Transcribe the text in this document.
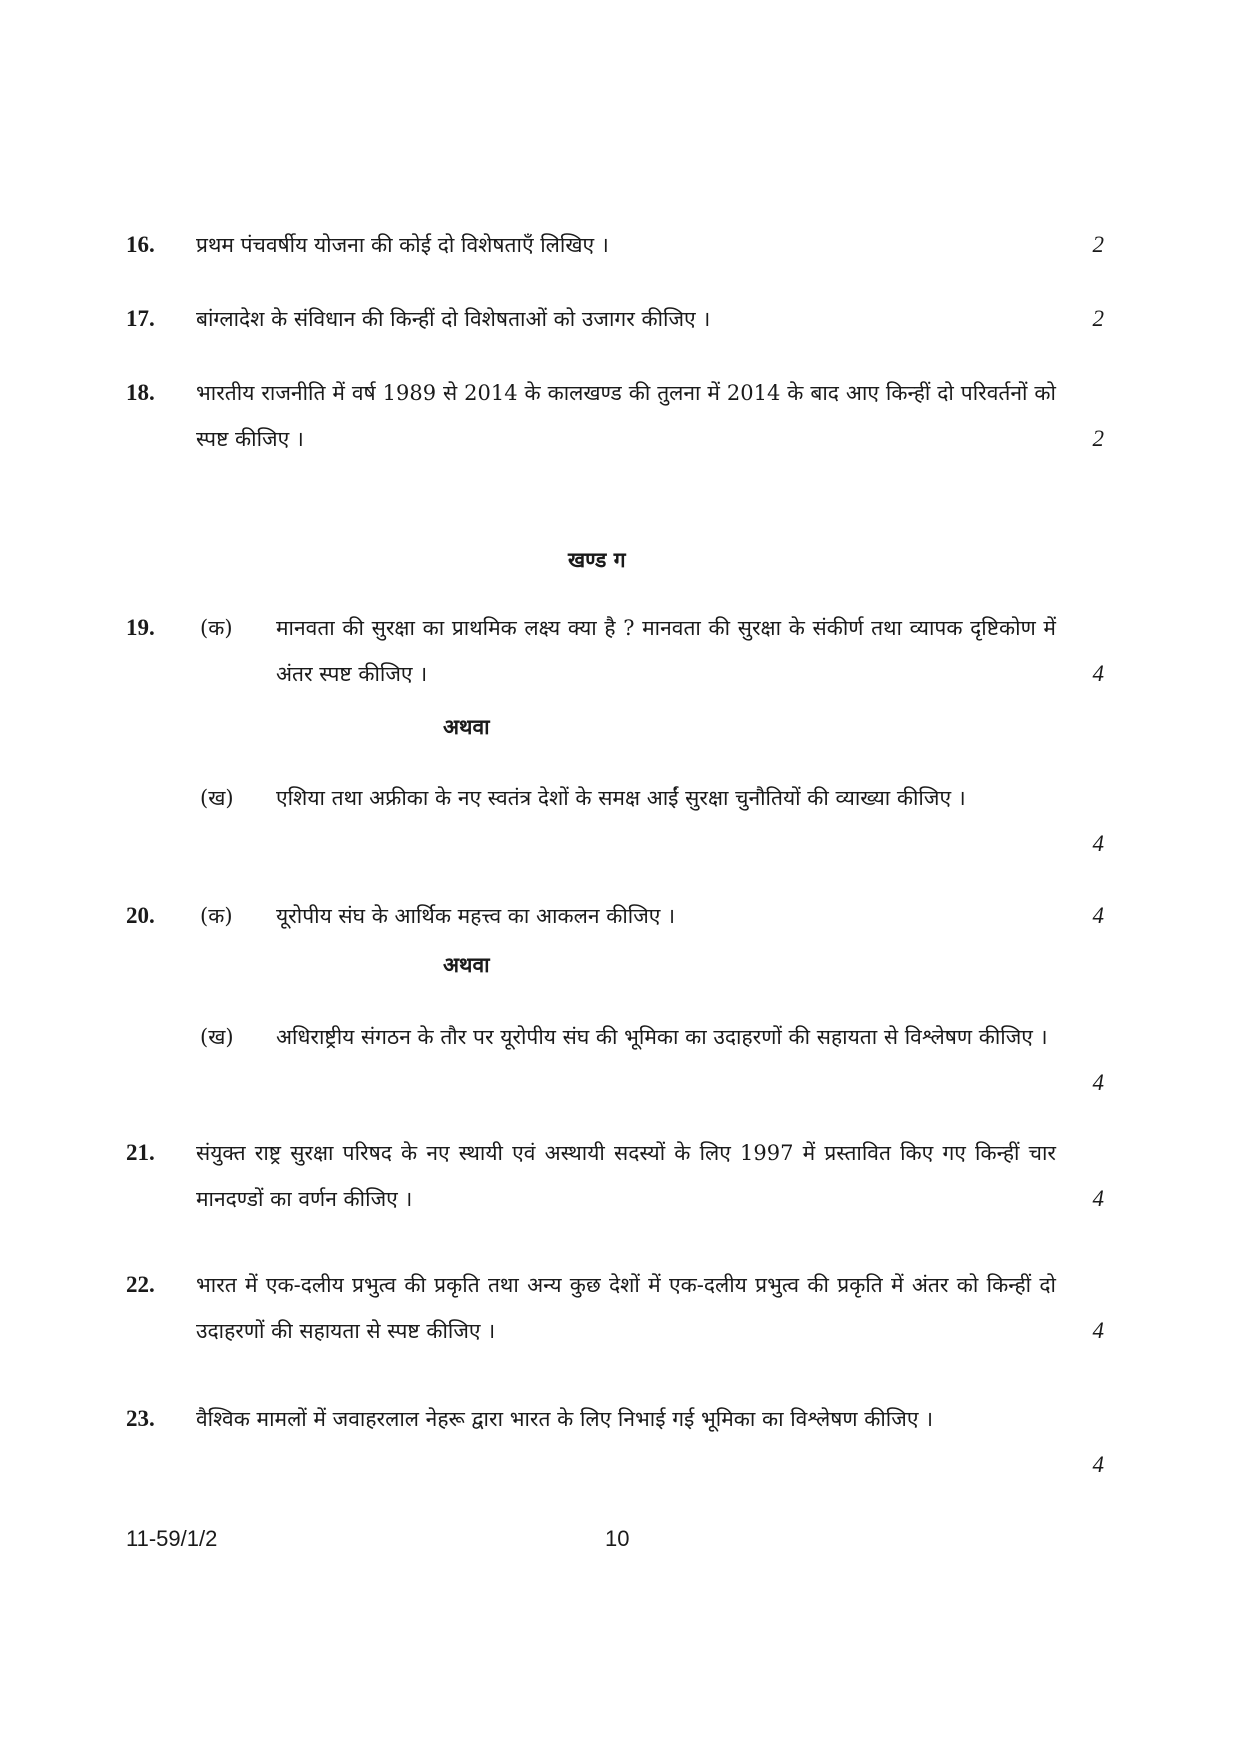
16. प्रथम पंचवर्षीय योजना की कोई दो विशेषताएँ लिखिए ।	2
17. बांग्लादेश के संविधान की किन्हीं दो विशेषताओं को उजागर कीजिए ।	2
18. भारतीय राजनीति में वर्ष 1989 से 2014 के कालखण्ड की तुलना में 2014 के बाद आए किन्हीं दो परिवर्तनों को स्पष्ट कीजिए ।	2
खण्ड ग
19. (क) मानवता की सुरक्षा का प्राथमिक लक्ष्य क्या है ? मानवता की सुरक्षा के संकीर्ण तथा व्यापक दृष्टिकोण में अंतर स्पष्ट कीजिए ।	4
अथवा
(ख) एशिया तथा अफ्रीका के नए स्वतंत्र देशों के समक्ष आईं सुरक्षा चुनौतियों की व्याख्या कीजिए ।
4
20. (क) यूरोपीय संघ के आर्थिक महत्त्व का आकलन कीजिए ।	4
अथवा
(ख) अधिराष्ट्रीय संगठन के तौर पर यूरोपीय संघ की भूमिका का उदाहरणों की सहायता से विश्लेषण कीजिए ।
4
21. संयुक्त राष्ट्र सुरक्षा परिषद के नए स्थायी एवं अस्थायी सदस्यों के लिए 1997 में प्रस्तावित किए गए किन्हीं चार मानदण्डों का वर्णन कीजिए ।	4
22. भारत में एक-दलीय प्रभुत्व की प्रकृति तथा अन्य कुछ देशों में एक-दलीय प्रभुत्व की प्रकृति में अंतर को किन्हीं दो उदाहरणों की सहायता से स्पष्ट कीजिए ।	4
23. वैश्विक मामलों में जवाहरलाल नेहरू द्वारा भारत के लिए निभाई गई भूमिका का विश्लेषण कीजिए ।
4
11-59/1/2	10
